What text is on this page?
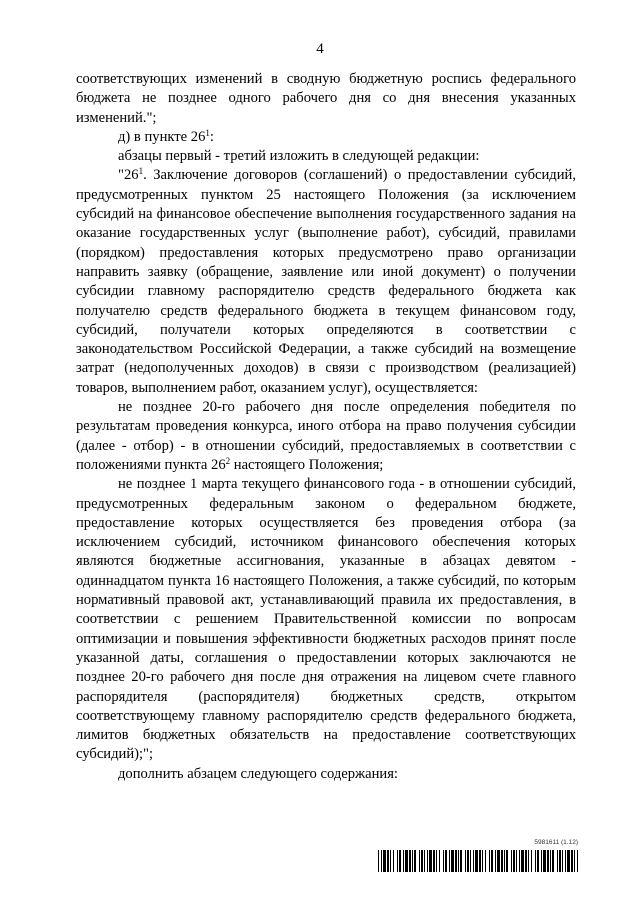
4

соответствующих изменений в сводную бюджетную роспись федерального бюджета не позднее одного рабочего дня со дня внесения указанных изменений.";

д) в пункте $26^1$:

абзацы первый - третий изложить в следующей редакции:

"$26^1$. Заключение договоров (соглашений) о предоставлении субсидий, предусмотренных пунктом 25 настоящего Положения (за исключением субсидий на финансовое обеспечение выполнения государственного задания на оказание государственных услуг (выполнение работ), субсидий, правилами (порядком) предоставления которых предусмотрено право организации направить заявку (обращение, заявление или иной документ) о получении субсидии главному распорядителю средств федерального бюджета как получателю средств федерального бюджета в текущем финансовом году, субсидий, получатели которых определяются в соответствии с законодательством Российской Федерации, а также субсидий на возмещение затрат (недополученных доходов) в связи с производством (реализацией) товаров, выполнением работ, оказанием услуг), осуществляется:

не позднее 20-го рабочего дня после определения победителя по результатам проведения конкурса, иного отбора на право получения субсидии (далее - отбор) - в отношении субсидий, предоставляемых в соответствии с положениями пункта $26^2$ настоящего Положения;

не позднее 1 марта текущего финансового года - в отношении субсидий, предусмотренных федеральным законом о федеральном бюджете, предоставление которых осуществляется без проведения отбора (за исключением субсидий, источником финансового обеспечения которых являются бюджетные ассигнования, указанные в абзацах девятом - одиннадцатом пункта 16 настоящего Положения, а также субсидий, по которым нормативный правовой акт, устанавливающий правила их предоставления, в соответствии с решением Правительственной комиссии по вопросам оптимизации и повышения эффективности бюджетных расходов принят после указанной даты, соглашения о предоставлении которых заключаются не позднее 20-го рабочего дня после дня отражения на лицевом счете главного распорядителя (распорядителя) бюджетных средств, открытом соответствующему главному распорядителю средств федерального бюджета, лимитов бюджетных обязательств на предоставление соответствующих субсидий);";

дополнить абзацем следующего содержания:

5981611 (1.12)
